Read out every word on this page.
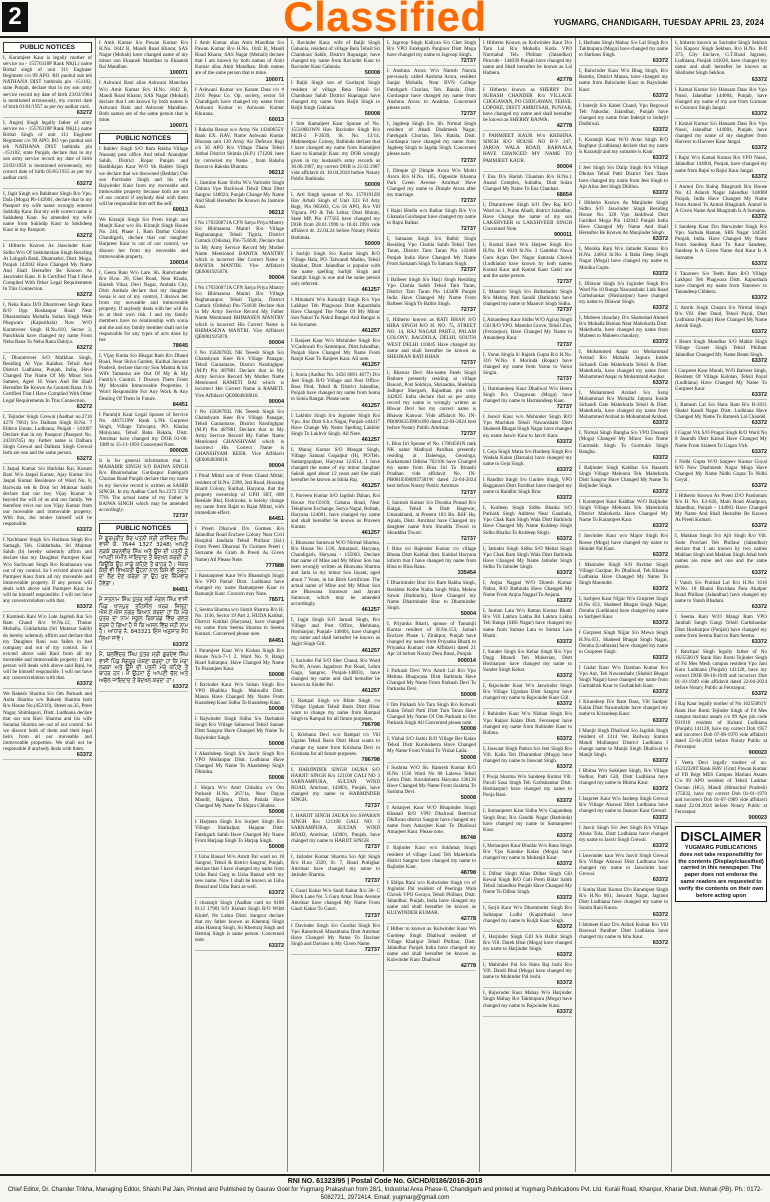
2	Classified	YUGMARG, CHANDIGARH, TUESDAY APRIL 23, 2024
PUBLIC NOTICES

I, Karamjeet Kaur is legally mother of service no - 15576318P Rank NK(L) name Birbal singh of unit 111 Engineer Regiment c/o 99 APO. RO punhul sub teh NATHANA DIST bathinda pin -151102, state Punjab, declare that in my son army service record my date of birth 23/03/1964 is mentioned erroneously, my correct date of birth 01/01/1957 as per my aadhar card.

63272

I, Angrej Singh legally father of army service no - 15576318P Rank NK(L) name Birbal Singh of unit 111 Engineer Regiment c/o 99 APO, RO vpo punhul sub teh NATHANA DIST bathinda pin -151102, state Punjab, declare that in my son army service record my date of birth 23/03/1959 is mentioned erroneously, my correct date of birth 05/05/1955 as per my aadhar card.

63272

I, Jagit Singh s/o Bakhtaur Singh R/o Vpo. Dala (Moga) Pb-142001, declare that in my Passport my wife name wrongly entered Sukhdip Kaur. But my wife correct name is Sukhdeep Kaur. So amended my wife name from Sukhdip Kaur to Sukhdeep Kaur in my Passport.

63272

I Hitherto Known As Jaswinder Kaur Sidhu W/o Of Sukhdarshan Singh Residing At Lohgarh Basti, Dhamsehri, Distt. Moga, Punjab 142042 Have Changed My Name And Shall Hereafter Be Known As Jaswinder Kaur. It Is Certified That I Have Complied With Other Legal Requirements In This Connection.

63272

I, Neha Rana D/O Dharmveer Singh Rana R/O Opp Roshanpur Road Near Dharamshala Mohalla Sultan Singh Wale Phagwara (Kapurthala) Now W/O Karamveer Singh H.No.610, Sector 3, Panchkula have changed my name From Neha Rana To Neha Rana Dahiya.

63272

I, Dharamveer S/O Malkhan Singh, Residing At Vpo Kalahar, Tehsil And District Ludhiana, Punjab, India, Have Changed The Name Of My Minor Son Sameer, Aged 16 Years And He Shall Hereafter Be Known As Gautam Rana. It Is Certified That I Have Complied With Other Legal Requirements In This Connection.

63272

I, Tejinder Singh Grewal (Aadhar no.2716 4270 7663) S/o Dalbara Singh H.No. 7 Eldeco Estate, Ludhiana, Punjab - 141007 Declare that in my Passport (Passport No. 24316745) my Father name is Dalbara Singh Grewal and Dalbara Singh Grewal both are one and the same person.

63272

I Jaspal Kumar S/o Harbilas Rai, Kusum Rani W/o Jaspal Kumar, Ajay Kumar S/o Jaspal Kumar Residence of Ward No. 8, Bariwala teh & Distt Sri Muktsar Sahib declare that our boy Vijay Kumar is beyond the will of us and our family. We therefore evict our son Vijay Kumar from our moveable and immovable property. With this, the tender himself will be responsible.

63372

I Nachhater Singh S/o Harbans Singh R/o Samagh, Teh. Giddarbaha, Sri Muktsar Sahib (b) hereby solemnly affirm and declare that my Daughter Parmjeet Kaur W/o Sachwant Singh R/o Ronhaaura was out of my control. So I evicted above said Parmjeet Kaur from all my moveable and immoveable property. If any person will deals with above said Parmjeet Kaur, he will be himself responsible. I will not have any concern/relation with that.

63372

I Kamlesh Rani W/o Late Jagdish Rai S/o Ram Chand R/o W.No.12, Thukur Mohalla, Giddarbaha (Sri Muktsar Sahib) do hereby solemnly affirm and declare that my Daughter Rani was fallen in bad company and out of my control. So i evicted above said Rani from all my moveable and immoveable property. If any person will deals with above said Rani, he will be himself responsible. I will not have any concern/relation with that.

63372

We Rakesh Sharma S/o Om Parkash and Anita Sharma w/o Rakesh Sharma both R/o House No.(452/10), Street no.35, Preet Nagar, Shimlapuri, Distt. Ludhiana declare that our son Ravi Sharma and his wife Sunaina Sharma are out of our control. So we disown both of them and their legal heirs from all our moveable and immoveable properties. We shall not be responsible if anybody deals with them.

63372

I Amit Kumar S/o Pawan Kumar R/o H.No. 1842 B, Mandi Road Kharar, SAS Nagar (Mohali) have changed name of my minor son Ekaansh Mandhan to Ekaansh Rai Mandhan.

100071

I Ashwani Rani alias Ashwani Manchan W/o Amit Kumar R/o H.No. 1842 B, Mandi Road Kharar, SAS Nagar (Mohali) declare that I am known by both names is Ashwani Rani and Ashwani Mandhan. Both names are of the same person that is mine.

100071
PUBLIC NOTICES

I Baldev Singh S/O Ram Rakha Village Nausanj post office And tehsil Anandpur Sahib, District Ropar Punjab and Rashbhajan Kaur W/O Sh Baldev Singh we declare that we disowned (Beddar) Our son Parvinder Singh and his wife Rajwinder Kaur from my moveable and immovable property because both are out of our control if anybody deal with them will be responsible him self the self.

60013

We Kiranjit Singh S/o Prem Singh and Manjit Kaur w/o Sh. Kiranjit Singh House No. 244, Phase 1, Ram Darbar Colony Chandigarh, declare that our daughter Harpreet Kaur is out of our control, we disown her from my moveable and immoveable property.

100014

I, Geeta Rani W/o Late. Sh. Ramchander R/o H.no. 28, Ghel Road, Near Khada, Haresh Vihar, Devi Nagar, Ambala City, Distt Ambala declare that my daughter Sonia is out of my control, I disown her from my moveable and immoveable property. If anybody deals with her will do so at their own risk. I and my family members have no relationship with sonia and me and my family member shall not be responsible for any types of acts done by her.

78645

I, Vijay Kuma S/o Bhagat Ram R/o Dhand Road, Near Shiva Garden, Kaithal Jaswant Pradesh, declare that my Son Mamta & his Wife Tamanna are Out Of My & My Family's Control. I Disown Them From My Movable Immoveable Properties. I Won't Responsible For Any Work & Any Dealing Of Them In Future.

84451

I Paramjit Kaur Legal Spouse of Service No. 4467519W Rank L/Nk Gurpreet Singh, Village Talwapur, PO. Khalsa Mohiyana, Tehsil Baba Bakala, Distt. Amritsar have changed my DOB 01-06-1989 to 15-11-1993 Concerned Note.

900026

It is for general information that I, MAHABIR SINGH S/O BAIWA SINGH R/o Bhairoshahar Gurdaspur Fatehgarh Churian Road Punjab declare that my name in my Service record is written as SAHIB SINGH. In my Aadhar Card No.2372 5578 7781 The actual name of my Father is BAIWA SINGH which may be amended accordingly.

72737
PUBLIC NOTICES

ਮੈਂ ਗੁਰਪ੍ਰੀਤ ਕੌਰ ਪਤਨੀ ਸ੍ਰੀ ਰਾਜਿੰਦਰ ਸਿੰਘ ਵਾਸੀ ਕੇ. 7644 1327 3248) ਆਪਣੇ ਲੜਕੇ ਕਰਨਵੀਰ ਸਿੰਘ ਅਤੇ ਉਸ ਦੀ ਪਤਨੀ ਨੂੰ ਆਪਣੀ ਜ਼ਮੀਨ ਜਾਇਦਾਦ ਤੋਂ ਬੇਦਖਲ ਕਰਦੀ ਹਾਂ ਕਿਉਂਕਿ ਉਹ ਸਾਡੇ ਕਹਿਣੇ ਤੋਂ ਬਾਹਰ ਹੈ। ਜੇਕਰ ਕੋਈ ਵੀ ਵਿਅਕਤੀ ਉਹਨਾਂ ਨਾਲ ਕਿਸੇ ਵੀ ਤਰ੍ਹਾਂ ਦਾ ਲੈਣ ਦੇਣ ਕਰੇਗਾ ਤਾਂ ਉਹ ਖੁਦ ਜ਼ਿੰਮੇਵਾਰ ਹੋਵੇਗਾ।

84451

ਮੈਂ ਸਤਨਾਮ ਸਿੰਘ ਪੁੱਤਰ ਸ੍ਰੀ ਮੰਗਲ ਸਿੰਘ ਵਾਸੀ ਪਿੰਡ ਖਾਨਪੁਰ ਤਹਿਸੀਲ ਖਰੜ ਜ਼ਿਲ੍ਹਾ ਐਸ.ਏ.ਐਸ ਨਗਰ ਬਿਆਨ ਕਰਦਾ ਹਾਂ ਕਿ ਮੇਰੇ ਪੁੱਤਰ ਦਾ ਨਾਮ ਸਕੂਲ ਰਿਕਾਰਡ ਵਿੱਚ ਗਲਤ ਦਰਜ ਹੋ ਗਿਆ ਹੈ ਜੋ ਕਿ ਅਸਲ ਵਿੱਚ ਸਹੀ ਨਾਮ ਹੈ। ਆਧਾਰ ਨੰ. 843321 ਇਸ ਅਨੁਸਾਰ ਸੋਧ ਲਿਆ ਜਾਵੇ।

63372

ਮੈਂ, ਬਲਵਿੰਦਰ ਸਿੰਘ ਪੁੱਤਰ ਸ੍ਰੀ ਗੁਰਦੇਵ ਸਿੰਘ ਵਾਸੀ ਪਿੰਡ ਸੰਗਰੂਰ ਘੋਸ਼ਣਾ ਕਰਦਾ ਹਾਂ ਕਿ ਮੇਰਾ ਲੜਕਾ ਅਤੇ ਉਸ ਦੀ ਪਤਨੀ ਮੇਰੇ ਕਹਿਣੇ ਤੋਂ ਬਾਹਰ ਹਨ। ਮੈਂ ਉਹਨਾਂ ਨੂੰ ਆਪਣੀ ਚੱਲ ਅਤੇ ਅਚੱਲ ਜਾਇਦਾਦ ਤੋਂ ਬੇਦਖਲ ਕਰਦਾ ਹਾਂ।

63372

I Amit Kumar alias Amit Mandhan S/o Pawan Kumar R/o H.No. 1842 B, Mandi Road Kharar, SAS Nagar (Mohali) declare that I am known by both names of Amit Kumar alias Amit Mandhan. Both names are of the same person that is mine.

100071

I Ashwani Kumar s/o Karam Dass r/o # 2161 Pepsu Co. Op. society, sector 50 Chandigarh have changed my name from Ashwani Kumar to Ashwani Kumar Khurana.

60013

I Raksha Rawat w/o Army No 14360655Y Rank EX. HAV. Name Ashwani Kumar Bhurata unit 130 Army Air Defence Regt c/o 56 APO R/o Village Thana Tehsil Jubbal District Shimla (H.P.) 171206. here by corrected my Name , from Raksha Rawat to Raksha Bhurata.

98212

I, Jasmine Kaur Sichu W/o Varinder Singh Chhina Vpo Bachiwal Tehsil Dhar Distt Sangrur 148024, Punjab Change My Name And Shall Hereafter Be Known As Jasmine Kaur.

98212

I No 170330071A CFN Satya Priya Mantry S/o Bhimasena Mantri R/o Village Raghunanpur, Tehsil Tigiria, District Cuttack (Odisha), Pin-754030, Declare that in My Army Service Record My Mother Name Mentioned BANITA MANTRY which is incorrect Her Correct Name is BANITA MANTRI. Vice Affidavit QE0001925078.

90004

I No 170330071A CFN Satya Priya Mantry S/o Bhimasena Mantri R/o Village Raghunanpur, Tehsil Tigiria, District Cuttack (Odisha) Pin-754030 Declare that in My Army Service Record My Father Name Mentioned BHIMASEN MANTRY which is incorrect His Correct Name is BHIMASENA MANTRI. Vice Affidavit QE0001925078.

90004

I No 15628783L NK Teeesh Singh S/o Ghanshyam Keer R/o Village Panagar, Tehsil Gautamaxe, District Narshighpur (M.P) Pin 487881 Declare that in My Army Service Record My Mother Name Mentioned RAMETI BAI which is incorrect Her Correct Name is RAMETI. Vice Affidavit QE0004838016.

90004

I No 15628783L NK Teeesh Singh S/o Ghanshyam Keer R/o Village Panagar, Tehsil Gautamaxe, District Narshighpur (M.P) Pin 487881 Declare that in My Army Service Record My Father Name Mentioned GHANSHYAM which is incorrect His Correct Name is GHANSHYAM KEER. Vice Affidavit QE0004838016.

90004

I Pinal Mittal son of Prem Chand Mittal, resident of H.No. 2398, 2nd Road, Housing Board Colony, Kaithal, Haryana, that the property ownership of UPH 1BT, 600 Reedale Bhd, Etobicoke, is hereby change my name from Rajat to Rajat Mittal, with immediate effect.

84451

I Preeti Dharwal D/o Gurmen R/o Jalandhar Road Enclave Colony Near Civil Hospital Jandiala Tehsil Phillaur (Jal.) From Preeti Dharwal To Gurmen Preeti ( Surname As Gram & Preeti As Given Name) All Please Note.

777888

I Ramanpreet Kaur W/o Bhansingh Singh R/o VPO Pamal Distt. Ludhiana have changed my name Ramanpreet Kaur to Ramanjit Kaur. Concern may Note.

78571

I, Seema Sharma w/o Sumit Sharma R/o H. No. 1136, Sector 19 Part 2, HUDA Kaithal, District Kaithal (Haryana), have changed my name from Seema Sharma to Seema Kumari. Concerned please note.

84451

I Paramjeet Kaur W/o Kishan Singh R/o House No.b-7+1 2, Ward No. 9, Rangi Road Sultanpur, Have Changed My Name To Paramjeet Kaur.

50008

I Ravinder Kaur W/o Sohan Singh R/o VPO Bhabhia Bugh. Maloudhi Distt. Mansa Have Changed My Name From Kuandeep Kaur Sidhu To Kuandeep Kaur.

50008

I Rajwinder Singh Sidhu S/o Darbaksh Singh R/o Village Sahnewal Tehsil Sanaur Distt Sangrur Have Changed My Name To Rajwinder Singh.

50008

I Akashdeep Singh S/o Jasvir Singh R/o VPO Mullanpur Distt. Ludhiana Have Changed My Name To Akashdeep Singh Dhindsa.

50008

I Shipra W/o Amit Chhabra c/o Om Parkash H.No. 267/1a, Near Dayaa Mandir, Rajpura, Distt. Patiala Have Changed My Name To Shipra Chhabra.

50008

I Harjeeta Singh S/o Surjeet Singh R/o Village Shatkalpar, Hajapur Distt. Fatehgarh Sahib Have Changed My Name From Harjaap Singh To Harjap Singh.

50008

I Usha Bansal W/o Amrit Pal ward no 18 Sangrur, Tehsil & district Sangrur, Punjab, declare that I have changed my name from Usha Rani Garg to Usha Bansal with my new name. Now I shall be known as Usha Bansal and Usha Rani as well.

63372

I charanjit Singh (Aadhar card no 6188 8112 1790) S/O Kishan Singh R/O Wildt Klub#, No Lahra Distt. Sangrur declare that my father known as Khemraj Singh alias Hansraj Singh, So Khemraj Singh and Hemraj Singh is same person. Concerned note.

63372

I, Ravinder Kaur, wife of Baljit Singh Gahunia, resident of village Bela Tehsil Sri Chamkaur Sahib, District Rupnagar, have changed my name from Ravinder Kaur to Ravinder Kaur Gahunia.

50008

I Baljit Singh son of Gurdayal Singh resident of village Bela Tehsil Sri Chamkaur Sahib District Rupnagar have changed my name from Baljit Singh to Baljit Singh Gahunia.

50008

I Smt Kamaljeet Kaur Spouse of No. 15518681WN Hav. Ravinder Singh R/o MCB-2 F-2639, St. No. 13/14, Mehmeetpur Colony, Bathinda declare that I have changed my name from Kamaljeet Kaur to Kamaljit Kaur. my DOB wrongly given in my husband's army records as 30.06.1967, my correct DOB is 21.02.1987 vide affidavit dt. 18.04.2024 before Notary Public Bathinda.

50009

I, Arti Singh spouse of No. 15791912H Hav Arbab Singh of Unit 333 Fd Arty Regt, Pin 905603, C/o 56 APO, R/o Vill Vigiara, PO & Teh Lehar, Distt Bhinin, State MP, Pin 477565 have changed my DOB from 28.01.1990 to 18.01.1991 vide affidavit dt. 22.04.24 before Notary Public Bathinda.

50009

I Sarbjit Singh S/o Kartar Singh R/O Village Hala, PO. Talwandi Madho, Tehsil Shahkot, Distt. Jalandhar is popular with the name spelling Sarbjit Singh and Sarabjit Singh is one and the same person only referred.

461257

I Minakshi W/o Kamaljit Singh R/o Vpo Lakhpur Teh Phagwara Distt Kapurthala Have Changed The Name Of My Minor Son Nakul To Nakul Bangar And Bangar is his Surname.

461257

I Ranjeet Kaur W/o Mohinder Singh R/o V.Gadowali P.o Sammipur, Distt.Jalandhar, Punjab Have Changed My Name From Ranjit Kaur To Ranjeet Kaur. All note.

461257

I, Sonia (Aadhar No. 3456 6691 4677) D/o Jeet Singh R/O Village and Post Office: Bass Pind, Tehsil & District Jalandhar, Punjab have changed my name from Soma to Sonia Bangar. Please note.

461257

I Lakhbir Singh S/o Joginder Singh R/o Vpo. Aur Distt S.b.s Nagar, Punjab-144417 Have Change My Name Spelling Lakhbir Singh To Lakhvir Singh. All Note.

461257

I, Manoj Kumar S/O Mangat Singh, Village Samani Gopalpur (H), PO/Teh. Samargopalpur, Haryana 124514, I have changed the name of my minor daughter Sakshi aged about 12 years and She shall hereafter be known as Ishita Raj.

461257

I, Parveen Kumar S/O Jagdish Dahan, R/o House No:C0169, Gahana Road, Near Telephone Exchange, Surya Nagar, Rohtak, Haryana 124001, have changed my name and shall hereafter be known as Praveen Kumar.

461257

I, Bhawana Saraswat W/O Nirmal Sharma, R/o House No 1/26, Amarpuri, Haryana, Chandigarh, Haryana - 135003, Declare that name of Mine and My Minor Son has been wrongly written as Bhawana Sharma and Jatin in my minor Son Jayant, aged about 7 Years, in his Birth Certificate. The actual name of Mine and My Minor Son are Bhawana Saraswat and Jayant Saraswat, which may be amended accordingly.

461257

I, Jagjit Singh S/O Jarnail Singh, R/o Village and Post Office, Mehtiana, Hoshiarpur, Punjab- 146001, have changed my name and shall hereafter be known as Jagjit Singh Gill.

461257

I, Surinder Pal S/O Sher Chand, R/o Ward No.06, Arwen Jagadwar Pur Road, Lehra Gaga, Sangrur, Punjab-148031, have changed my name and shall hereafter be known as Sinder Pal.

461257

I, Rampal Singh s/o Bhim Singh r/o Village Ugahan Tehsil Basis Distt Hisar want to change my name from Rampal Singh to Rampal for all future purposes.

786798

I, Krishana Devi w/o Rampal r/o Vill Ugalan Tehsil Basis Distt Hisar wants to change my name from Krishana Devi to Krishana for all future purposes.

786798

I, HARJINDER SINGH JAURA S/O HARJIT SINGH R/o 121100 GALI NO 3 SARNAMPURA, SULTAN WIND ROAD, Amritsar, 143001, Punjab, have changed my name to HARMINDER SINGH.

72737

I, HARJIT SINGH JAURA S/o SWARAN SINGH R/o 121100 GALI NO 3 SARNAMPURA, SULTAN WIND ROAD, Amritsar, 143001, Punjab, have changed my name to HARJIT SINGH.

72737

I, Jatinder Kumar Sharma S/o Ajit Singh R/o H.no 3320, St. 7, Road Putlighar Amritsar have changed my name to Jatinder Sharma.

72737

I, Gauri Kakar W/o Sunil Kakar R/o 36- C Block Lane No. 5 Guru Amar Dass Avenue Amritsar have changed My Name From Gauri Kakar To Gauri.

72737

I Davinder Singh S/o Gurdial Singh R/o Vpo Ranodwali Musalmana Distt Amritsar Have Changed My Name To Daviner Singh and Daviner is My Given Name.

72737

I, Jagroop Singh Kaliyan S/o Chet Singh R/o VPO Fatehgarh Panjtoor Distt Moga have changed my name to Jagroop Singh.

72737

I Anshma Arora W/o Naresh Narula previously called Anshma Arora, resident Sanjar Mohalla, Near BVN College Fatehgarh Churian, Teh. Batala, Distt. Gurdaspur have changed my name from Anshma Arora to Anshma. Concerned please note.

72737

I, Jagdeep Singh S/o. Sh. Nirmal Singh resident of Abadi Dashmesh Nagar, Fatehgarh Churian, Teh. Batala, Distt. Gurdaspur have changed my name from Jagdeep Singh to Jagdip Singh. Concerned please note.

72737

I, Dimple @ Dimple Arora W/o Mohit Arora R/o H.No. 165, Opposite Khanna Park Green Avenue Amritsar Have Changed my name to Dimple Arora after my marriage.

72737

I Rajni Bhella w/o Balkar Singh R/o V/o Ghanala Gurdaspur have changed my name to Rajni Balkar.

72737

I, Satnaam Singh S/o Balbir Singh Residing Vpo Chohla Sahib Tehsil Tarn Taran, District Tarn Taran Pin 143408 Punjab India Have Changed My Name From Satnaam Singh To Satnam Singh.

72737

I Balbeer Singh S/o Harji Singh Residing Vpo Chohla Sahib Tehsil Tarn Taran, District Tarn Taran Pin 143408 Punjab India Have Changed My Name From Balbeer Singh To Balbir Singh.

72737

I, Hitherto known as RATI BHAN S/O HIRA SINGH R/O H. NO. 75, STREET NO. 14, RAJ NAGAR PART-2, PALAM COLONY, BAGDOLA, DELHI, SOUTH WEST DELHI 110045 Have changed my name and shall hereafter be known as SHEORAN RATI BHAN.

72737

I, Bhawar Devi Mo-name Fateh Singh Rathore presently residing at village Bawari, Post Sokhiya, Shrinadna, Shekhala Jodhpur Shergarh, Rajasthan pin code 342025 India declare that as per army record my name is wrongly written as Bhwar Devi but my correct name is Bhawar Kanwar. Vide affidavit No. IN-PB08963539001490 dated 22-04-2024 best before Notary Public Amritsar.

72737

I, Bina Jiri Spouse of No. 17064561N rank NK name Madhyal Pardhan presently residing at Daleenga, Geosinga, Karkatnand Odisha 762106 have Changed my name from Bina Jiri To Binashi Pradhan vide affidavit No. IN-PB08183080937381W dated 22-04-2024 best before Notary Public Amritsar.

72737

I, Santosh Kumar S/o Dwarka Prasad R/o Kalgai, Tehsil & Distt Bagewar, Uttarakhand, at Present 183 Bn. BSF Hq. Ajnala, Distt. Amritsar have Changed my daughter name from Shradda Tiwari to Shraddha Tiwari.

72737

I Bina s/o Rajender Kumar r/o village Bhuna Distt Kaithal distt. Kaithal Haryana inform that I have changed my name from Bina to Bina Rana.

335454

I Dharminder Brar S/o Ram Rakha Singh, Resident Kothe Natha Singh Wala, Mehna Sawai (Bathinda), Have Changed my Name Dharminder Brar to Dharminder Singh.

50004

I, Priyanka Bharti, spouse of Tamanjit Kumar resident of H.No.153, Jarnail Enclave Phase 1, Zirakpur, Punjab have changed my name from Priyanka Bharti to Priyanka Kumari vide Affidavit dated 21 Apr 24 before Notary Dera Bassi, Punjab.

900014

I Parkash Devi W/o Amrit Lal R/o Vpo Mehma Bhagwana Distt Bathinda Have Changed My Name From Parkash Devi To Parkasha Devi.

50008

I Om Parkash S/o Tara Singh R/o Kotwali Kalan Tehsil Patti Distt Tarn Taran Have Changed My Name Of Om Parkash to Om Parkash Singh All Concerned please note.

50008

I, Vishal S/O Jasbir R/O Village Ber Kalan Tehsil Distt Kurukshetra Have Changed My Name From Vishal To Vishal Lalia.

50008

I Sushma W/O Sh. Ramesh Kumar R/O H.No 1136 Ward No 08 Lalewa Tehsil Lehra Distt. Kurukshetra Haryana 136136 Have Changed My Name From Sushma To Sushma Devi.

50008

I Amarjeet Kaur W/O Bhupinder Singh Khanail R/O VPO Dhaliwal Bettrival Dhillwan district Sangrur have changed my name from Amarjeet Kaur To Dhaliwal Amarjeet Kaur. Please note.

86748

I Rajinder Kaur w/o Sukhmal Singh resident of village Lasoi Teh Malerkotla district Sangrur have changed my name to Rajinder Kaur.

48798

I Shilpa Rani w/o Kulwinder Singh r/o of Jogindar Pal resident of Peeringa Wala Chowk VPO Goraya, Tehsil Phillaur, Distt. Jalandhar, Punjab, India have changed my name and shall hereafter be known as KULWINDER KUMAR.

42778

I Hither to known as Kulwinder Kaur Wo Gurdeep Singh Dhaliwal resident of Village Khalipur Tehsil Phillaur, Distt. Jalandhar Punjab India have changed my name and shall hereafter be known as Kulwinder Kaur Dhaliwal

42778

I Hitherto Known as Kulwinder Kaur D/o Tarn Lal R/o Mohalla Kotla VPO Nurmahal Teh. Phillaur (Jalandhar) Pincode - 144039 Punjab have changed my name and Shall hereafter be known as Lal Hathera.

42778

I Hitherto known as SHERRY D/o SUBASH CHANDER R/o VILLAGE CHOGAWAN, PO CHOGAWAN, TEHSIL LOPOKE, DISTT AMRITSAR, PUNJAB, have changed my name and shall hereafter be known as SHERRY BAJWA.

42778

I PARMJEET KAUR W/o KRISHNA SINGH R/O HOUSE NO B-V 247, JAROA WALA ROAD, BARNALA HAVE CHANGED MY NAME TO PARMJEET KAUR.

90004

I Ena D/o Harish Chauhan R/o H.No.1 Anand Complex, Subathu, Distt Solan Changed My Name To Ena Chauhan.

68654

I, Dharamveer Singh S/O Dev Raj R/O Ward no 1, Puran Abadi, district Jalandhar, Have Change the name of my son LAKSHVEER to LAKSHVEER SINGH Concerned Note.

900011

I, Komal Kaur W/o Harjeet Singh R/o H.No. B-I 6019 St.No. 3 Gambhir Nawa Guru Arjan Dev Nagar Samrala Chowk (Ludhiana) have known by both names Komal Kaur and Komal Kaur Gabri one and the same person.

72737

I, Maanvir Singh S/o Balbahadur Singh R/o Mehraj Patti Sandii (Bathinda) have changed my name to Maanvir Singh Sidhu.

72737

I, Amandeep Kaur Sidhu W/O Agiraj Singh Gill R/O VPO. Mamdot Grove, Tehsil Zira, (Ferozepur), Have Changed My Name to Amandeep Kaur.

72737

I, Varun Singla S/ Rajesh Gupta R/o H.No. 316 W.No. 6 Morinda (Ropar) have changed my name from Varun to Varun Singla.

72737

I, Harmandeep Kaur Dhaliwal W/o Heera Singh R/o Chugawan (Moga) have changed my name to Harmandeep Kaur.

72737

I Jaswir Kaur w/o Mohinder Singh R/O Vpo Machhan Tehsil Nawanshahr Distt Shaheed Bhagat Singh Nagar have changed my name Jaswir Kaur to Jasvir Kaur.

63372

I, Geja Singh Matta S/o Hardeep Singh R/o Wadala Kalan (Barnala) have changed my name to Geja Singh.

63372

I Randhir Singh S/o Gurdev Singh, VPO Bagganara Distt Faridkot have changed my name to Randhir Singh Brar.

63372

I, Kuldeep Singh Sidhu Bhaika S/O Parkash Singh Address Near Gaushala, Vpo Chak Ram Singh Wala Distt Bathinda Have Changed My Name Kuldeep Singh Sidhu Bhaika To Kuldeep Singh.

63372

I, Jatinder Singh Sidhu S/O Mehal Singh Vpo Chak Ram Singh Wala Distt Bathinda Have Changed My Name Jatinder Singh Sidhu To Jatinder Singh.

63372

I, Anjna Nagpal W/O Dinesh Kumar Nakra, R/O Bathinda Have Changed My Name From Anjna Nagpal To Anjana.

63372

I, Suman Lata W/o Rattan Kumar Bhatti R/o Vill Lakhra Lakha Rd Lakhra Lakha Teh Banga (SBS Nagar) have changed my name from Suman Lata to Suman Lata Bhatti.

63372

I, Sunder Singh S/o Kehar Singh R/o Vpo Dugg Bhandi Teh Mukerian, Distt Hoshiarpur have changed my name to Sunder Singh Kehar.

63372

I, Rajwinder Kaur W/o Jaswinder Singh R/o Village Ugrahan Distt Sangrur have changed my name to Rajwinder Kaur Gill.

63372

I Rubinder Kaur W/o Nishan Singh R/o Vpo Raipur Kalan Distt. Ferozepur have changed my name from Rubinder Kaur to Rubina.

63372

I, Jaswant Singh Pamra S/o Jeet Singh R/o Vill. Kalia Teh Dharamkot (Moga) have changed my name to Jaswant Singh.

63372

I Pooja Sharma W/o Sandeep Kumar Vill. Pacoli Sasa Singh Teh Garhshankar Distt. Hoshiarpur) have changed my name to Pooja Rani.

63372

I, Sumanpreet Kaur Sidhu W/o Gagandeep Singh Brar, R/o Gandhi Nagar (Bathinda) have changed my name to Sumanpreet Kaur.

63372

I, Mohanjeet Kaur Bhullar W/o Rana Singh R/o Vpo Kaunke Kalan (Moga) have changed my name to Mohanjit Kaur.

63372

I, Dilbar Singh Alias Dilbar Singh Gill Kewal Singh R/O Gali Prem Bidar Sahib Tehsil Jalandhar Punjab Have Changed My Name To Dilbar Singh.

63372

I, Surjit Kaur W/o Dharminder Singh R/o Sultanpur Lodhi (Kapurthala) have changed my name to Kuljit Kaur Singh.

63372

I, Harjinder Singh Gill S/o Balbir Singh R/o Vill. Darek Bhai (Moga) have changed my name to Harjinder Singh.

63372

I, Mahinder Pal S/o Hans Raj Joshi R/o Vill. Dandi Bhai (Moga) have changed my name to Mohinder Pal Joshi.

63372

I, Rajwinder Kaur Mahay W/o Harjinder Singh Mahay R/o Takhtupura (Moga) have changed my name to Rajwinder Kaur.

63372

I, Harbans Singh Mahay S/o Lal Singh R/o Takhtupura (Moga) have changed my name to Harbans Singh.

63372

I, Balwinder Kaur W/o Bhag Singh, R/o Baretta, District Mansa, have changed my name from Balwinder Kaur to Rajwinder Kaur.

63372

I Inderjit S/o Kabel Chand, Vpo Begowal Teh Nakodar, Jalandhar, Punjab have changed my name from Inderjit to Inderjit Dadhiwal.

63372

I, Karamjit Kaur W/O Avtar Singh R/O Baghpur (Ludhiana) declare that my name is Karamjit and my surname is Kaur.

63372

I Jeet Singh S/o Dalip Singh R/o Village Dholan Tehsil Patti District Tarn Taran have changed my name from Jeet Singh to Ajit Alias Jeet Singh Dhillon.

63372

I Hitherto Known As Manjinder Singh Sidhu S/O Jaswinder Singh Residing House No. 328 Vpo Jaiddiwal Distt Faridkot Moga Pin 142042 Punjab India Have Changed My Name And Shall Hereafter Be Known As Manjinder Singh.

63372

I, Monika Rani W/o Jatinder Kumar R/o H.No. 24814 St.No. 4 Baba Deep Singh Nagar (Moga) have changed my name to Monika Gupta.

63372

I, Dilawar Singh S/o Joginder Singh R/o Ward No 10 Bunga Nawanshahr Link Road Garhshankar (Hoshiarpur) have changed my name to Dilawar Singh.

63372

I, Mubeen chaudary D/o Shamshad Ahmed R/o Mohalla Benian Near Malerkotla Distt. Malerkotla, have changed my name from Mubeen to Mubeen chaudary.

63372

I, Mohammed Aaqar s/o Mohammad Arshad R/o Mohalla Jatpura Inside Sirhandi Gate Malerkotla Tehsil & Distt. Malerkotla, have changed my name from Mohammed Aaqar to Mohammad Aaqhar.

63372

I, Mohammed Arshad S/o Saraj Mohammad R/o Mohalla Jatpura Inside Sirhandi Gate Malerkotla Tehsil & Distt. Malerkotla, have changed my name from Mohammed Arshad to Mohammad Arshad.

63372

I, Nirmal Singh Bangha S/o VPO Dosanjh (Moga) Changed My Minor Son Name Gurmukh Singh To Gurmukh Singh Bangha.

63372

I Baljinder Singh Kaldhar S/o Basanth Singh Village Mehoura Teh. Malerkotla Distt Sangrur Have Changed My Name To Baljinder Singh.

63372

I Karamjeet Kaur Kaldhar W/O Baljinder Singh Village Mehoura Teh. Malerkotla District Malerkotla Have Changed My Name To Karamjeet Kaur.

63372

I Jasvinder Kaur w/o Major Singh R/o Roose (Moga) have changed my name to Shinder Pal Kaur.

63372

I Maninder Singh S/O Pavittar Singh Village Gazipur, Po Dhaliwal, Teh Khanna Ludhiana Have Changed My Name To Singh Maninder.

63372

I, Sarbjeet Kaur Nijjar W/o Gurpreet Singh H.No 651, Shaheed Bhagat Singh Nagar, Dorahu (Ludhiana) have changed my name to Sarbjeet Kaur.

63372

I Gurpreet Singh Nijjar S/o Mewa Singh H.No.651, Shaheed Bhagat Singh Nagar, Doraha (Ludhiana) have changed my name to Gurpreet Singh.

63372

I Gadar Kaur W/o Darshan Kumar R/o Vpo Aur, Teh Nawanshahr (Shahid Bhagat Singh Nagar) have changed my name from Gurbakhsh Kaur to Gurbakhsh Kaur.

63372

I Kirandeep D/o Ram Dass, Vill Saidpur Kalan Distt Nawanshahr have changed my name to Kirandeep Kaur.

63372

I Manjit Singh Dhaliwal S/o Jagdish Singh resident of 1314 Vet. Railway Station Mandi Mullanpur District Ludhiana I change name to Manjit Singh Dhaliwal to Manjit Singh.

63372

I Bhima W/o Sukhjeet Singh, R/o Village Sudhar, Patti Gill, Distt Ludhiana have changed my name to Bhima Kaur.

63372

I Jaspreet Kaur W/o Jasdeep Singh Grewal R/o Village Akuwal Distt Ludhiana have changed my name to Jasnoor Kaur Grewal.

63372

I Jasvir Singh S/o Jeet Singh R/o Village Aluna Tola, Distt Ludhiana have changed my name to Jasvir Singh Grewal.

63372

I Jaswinder kaur W/o Jasvir Singh Grewal R/o Village Akuwal Distt Ludhiana have changed my name to Jaswinder kaur Grewal.

63372

I Sunita Rani Kumar D/o Karamjeet Singh R/o H.No 861, Jaswant Nagar, Jagraon Distt Ludhiana have changed my name to Sunita Rani Kaura.

63372

I Ishmeet Kaur D/o Ashok Kumar R/o Vill Barewal Pandher Distt Ludhiana have changed my name to Isha Kaur.

63372

I, hitherto known as Surinder Singh Sekhon S/o Kapoor Singh Sekhon, R/o H.No. B-II 373, City Enclave, G.T.Road Jagraon, Ludhiana, Punjab 142026, have changed my name and shall hereafter be known as Shalinder Singh Sekhon.

63372

I Kamal Kumar S/o Hansam Dass R/o Vpo Nussi, Jalandhar 144004, Punjab, have changed my name of my son from Gurnoor to Gurnoor Singh Jangal.

63372

I Kamal Kumar S/o Hansam Dass R/o Vpo Nussi, Jalandhar 144004, Punjab, have changed my name of my daughter from Harveer to Harveer Kaur Jangal.

63372

I Rajni W/o Kamal Kumar R/o VPO Nussi, Jalandhar 144004, Punjab, have changed my name from Rajni to Rajni Kaur Jangal.

63372

I Anmol D/o Balraj Bhagirath R/o House No. 42 Adarsh Nagar Jalandhar 144008 Punjab, India Have Changed My Name From Anmol To Anmol Bhagirath. Anmol Is A Given Name And Bhagirath Is A Surname.

63372

I Sandeep Kaur D/o Harwinder Singh R/o Vpo. Sarhala Raman, SBS Nagar 144501 Punjab, India. Have Changed My Name From Sandeep Kaur To Kaur Sandeep, Sandeep Is A Given Name And Kaur Is A Surname.

63372

I Tanoreev S/o Teeth Ram R/O Village Lakhpur Teh Phagwara Distt. Kapurthala have changed my name from Tanoreev to Tanandeep Chhhera.

63372

I, Amrik Singh Chopra S/o Nirmal Singh R/o Vill. Sher Daud, Tehsil Payal, Distt Ludhiana (Punjab) Have Changed My Name Amrik Singh.

63372

I Beant Singh Mandhar S/O Malkit Singh Village Goraet Singh Tehsil Phillaur Jalandhar Changed My Name Beant Singh.

63372

I Gurpreet Kaur Mundi, W/O Balveer Singh, Resident Of Village Kalotan, Tehsil Payal (Ludhiana) Have Changed My Name To Gurpreet Kaur.

63372

I, Ramesh Lal S/o Hans Ram R/o B-1831 Shakti Kandi Nagar Distt. Ludhiana Have Changed My Name To Ramesh Lal Chandel.

63372

I Gagan Vrk S/O Pragat Singh R/O Ward No 8 Jasandh Distt Karnal Have Changed My Name From Sraleen To Gagan Virk.

63372

I Nidhi Gupta W/O Sanjeev Kumar Goyal R/O New Dashmesh Nagar Moga Have Changed My Name Nidhi Gupta To Nidhi Goyal.

63372

I Hitherto Known As Preeti D/O Parshotam R/o H. No. E4-626, Main Road Abadpura, Jalandhar, Punjab - 144003 Have Changed My Name And Shall Hereafter Be Known As Preeti Kumari.

63372

I, Makhan Singh S/o Ajit Singh R/o Vill. Sodo Pravhati Teh Phillaur (Jalandhar) declare that I am known by two names Makhan Singh and Makhan Singh Johal both names are mine and one and the same person.

63372

I Vansh S/o Prahlad Lal R/o H.No 1616 W.No. 18 Bhaini Ravidass Para Akalpur Road Phillaur (Jalandhar) have changed my name to Vansh Bhadani.

63372

I Seema Rani W/O Mangi Ram VPO Jandiali Sangh Gangi Tehsil Garhshankar Distt Hoshiarpur (Punjab) have changed my name from Seema Rani to Ram Seema.

63372

I Ratchpal Singh legally father of No 16255061Y Rank Hav Romi Tejinder Singh of Fd Mes Mesh campus resident Vpo Jani Kara Ludhiana (Punjab) 141128, have my correct DOB 08-10-1949 and incorrect Dob 01-10-1949 vide affidavit dated 22-04-2024 before Notary Public at Ferozepur.

63372

I Raj Kaur legally mother of No 16255061Y Rank Hav Romi Tejinder Singh of Fd Mes campus mariani assam c/o 99 Apo pin code 931910 resident of Kuhani Ludhiana (Punjab) 141128, have my correct Dob 1957 and incorrect Dob 07-08-1970 vide affidavit dated 22-04-2024 before Notary Public at Ferozepur.

900023

I Veera Devi legally mother of no. 15232328T Rank HAV (Gmt) Pawan Kumar of FD Regt MES Campus Mariani Assam C/o 99 APO resident of Tehsil Laskhar Ownan (HG), Mandi (Himachal Pradesh) 175032, have my correct Dob 01-01-1970 and incorrect Dob 01-07-1969 vide affidavit dated 22.04.2024 before Notary Public at Ferozepur.

900023
DISCLAIMER

YUGMARG PUBLICATIONS does not take responsibility for the contents (Display/classified) carried in this newspaper. The paper does not endorse the same readers are requested to verify the contents on their own before acting upon

RNI NO. 61323/95 | Postal Code No. G/CHD/0186/2016-2018
Chief Editor, Dr. Chander Trikha, Managing Editor, Shashi Pal Jain, Printed and Published by Gaurav Goel for Yugmarg Prakashan from 28/1, Industrial Area Phase-II, Chandigarh and printed at Yugmarg Publications Pvt. Ltd. Kurali Road, Khanpur, Kharar Distt. Mohali (PB). Ph.: 0172-5082721, 2972414. Email: yugmarg@gmail.com
